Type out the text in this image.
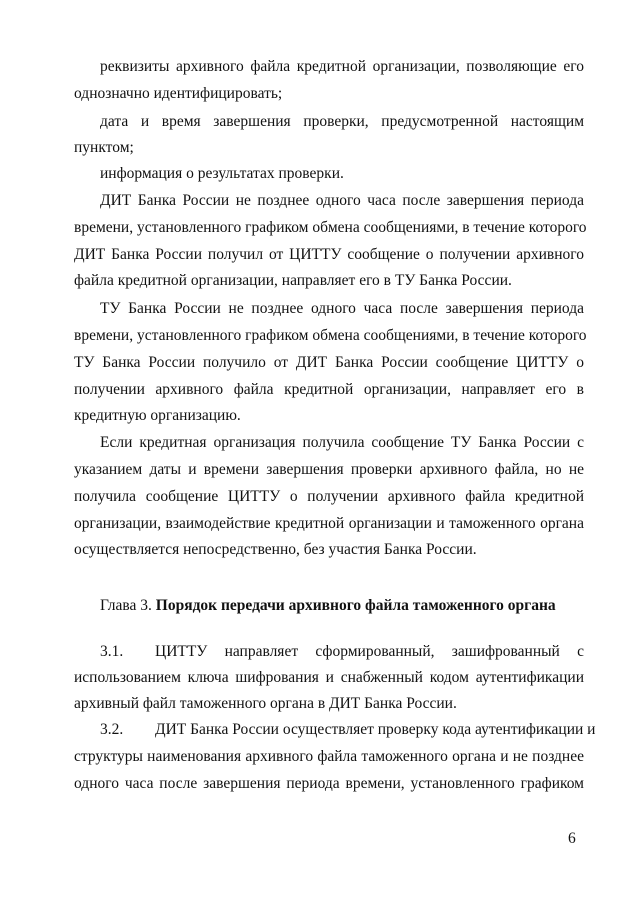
реквизиты архивного файла кредитной организации, позволяющие его
однозначно идентифицировать;
дата и время завершения проверки, предусмотренной настоящим
пунктом;
информация о результатах проверки.
ДИТ Банка России не позднее одного часа после завершения периода
времени, установленного графиком обмена сообщениями, в течение которого
ДИТ Банка России получил от ЦИТТУ сообщение о получении архивного
файла кредитной организации, направляет его в ТУ Банка России.
ТУ Банка России не позднее одного часа после завершения периода
времени, установленного графиком обмена сообщениями, в течение которого
ТУ Банка России получило от ДИТ Банка России сообщение ЦИТТУ о
получении архивного файла кредитной организации, направляет его в
кредитную организацию.
Если кредитная организация получила сообщение ТУ Банка России с
указанием даты и времени завершения проверки архивного файла, но не
получила сообщение ЦИТТУ о получении архивного файла кредитной
организации, взаимодействие кредитной организации и таможенного органа
осуществляется непосредственно, без участия Банка России.
Глава 3. Порядок передачи архивного файла таможенного органа
3.1. ЦИТТУ направляет сформированный, зашифрованный с
использованием ключа шифрования и снабженный кодом аутентификации
архивный файл таможенного органа в ДИТ Банка России.
3.2. ДИТ Банка России осуществляет проверку кода аутентификации и
структуры наименования архивного файла таможенного органа и не позднее
одного часа после завершения периода времени, установленного графиком
6
